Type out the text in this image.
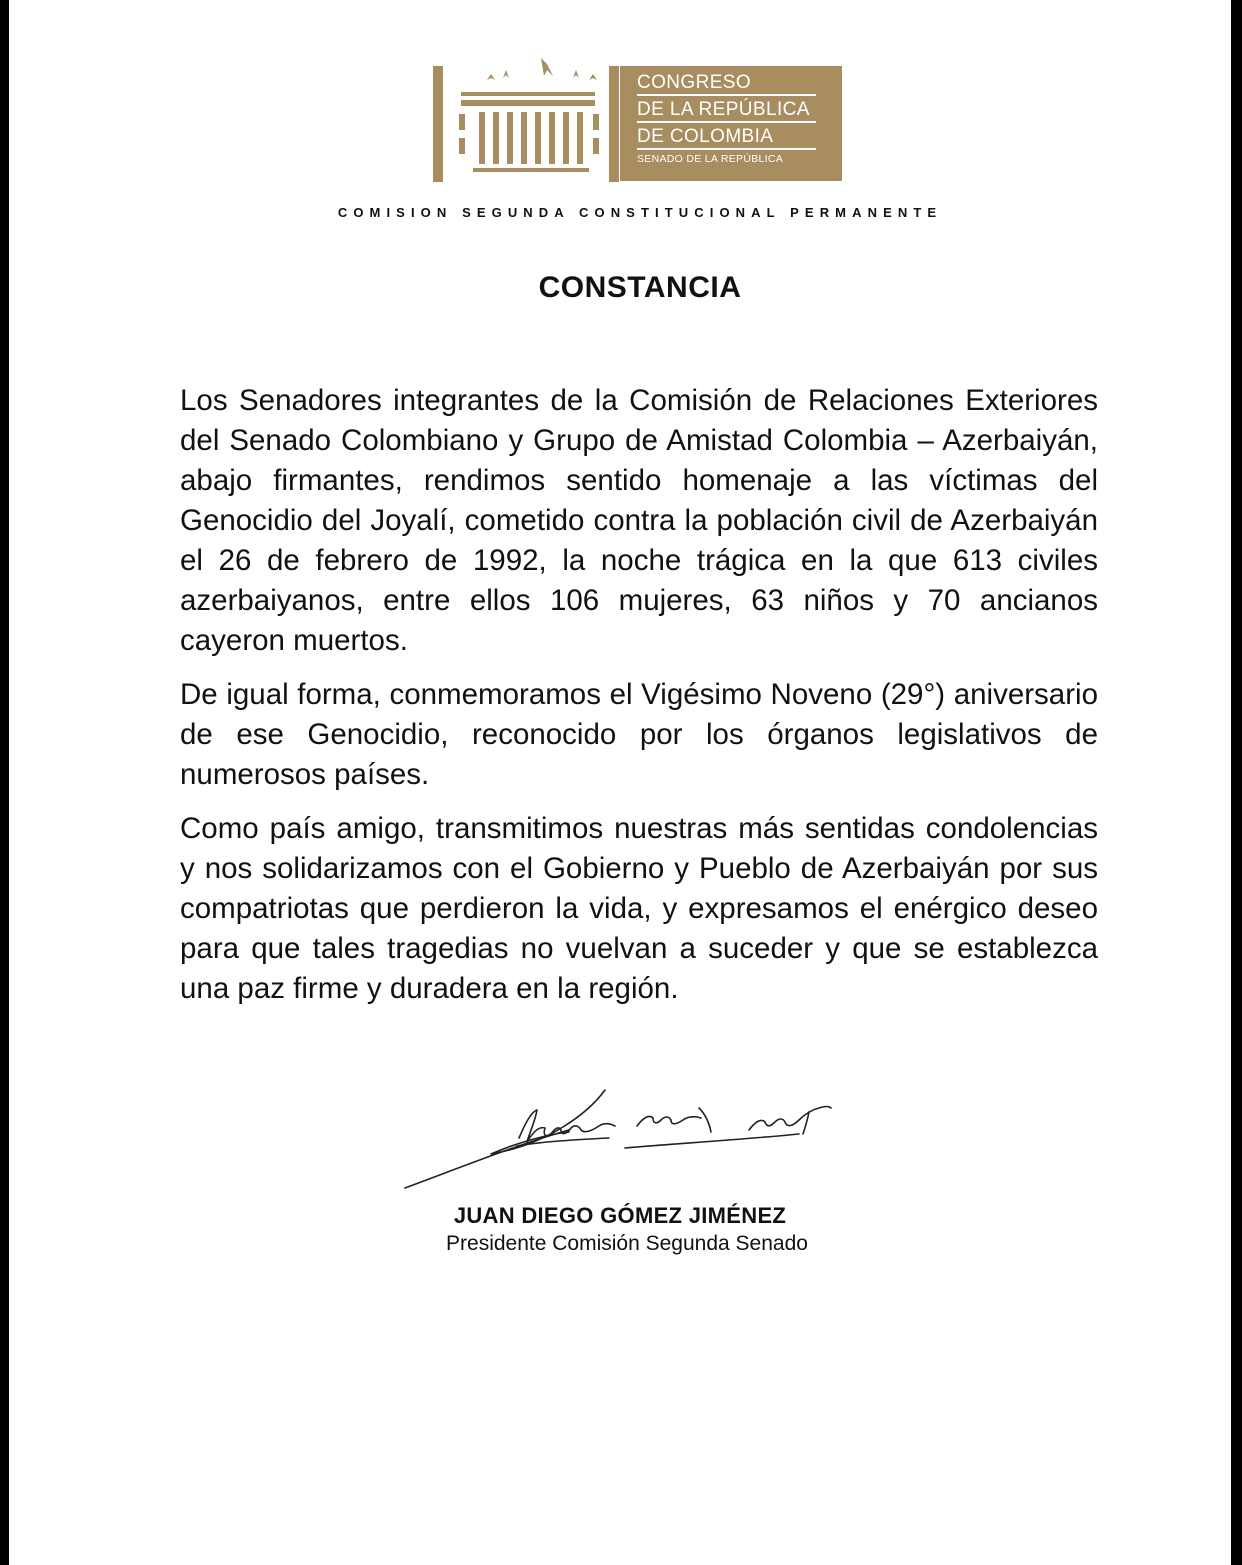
CONGRESO
DE LA REPÚBLICA
DE COLOMBIA
SENADO DE LA REPÚBLICA
COMISION SEGUNDA CONSTITUCIONAL PERMANENTE
CONSTANCIA

Los Senadores integrantes de la Comisión de Relaciones Exteriores del Senado Colombiano y Grupo de Amistad Colombia – Azerbaiyán, abajo firmantes, rendimos sentido homenaje a las víctimas del Genocidio del Joyalí, cometido contra la población civil de Azerbaiyán el 26 de febrero de 1992, la noche trágica en la que 613 civiles azerbaiyanos, entre ellos 106 mujeres, 63 niños y 70 ancianos cayeron muertos.

De igual forma, conmemoramos el Vigésimo Noveno (29°) aniversario de ese Genocidio, reconocido por los órganos legislativos de numerosos países.

Como país amigo, transmitimos nuestras más sentidas condolencias y nos solidarizamos con el Gobierno y Pueblo de Azerbaiyán por sus compatriotas que perdieron la vida, y expresamos el enérgico deseo para que tales tragedias no vuelvan a suceder y que se establezca una paz firme y duradera en la región.

JUAN DIEGO GÓMEZ JIMÉNEZ
Presidente Comisión Segunda Senado
